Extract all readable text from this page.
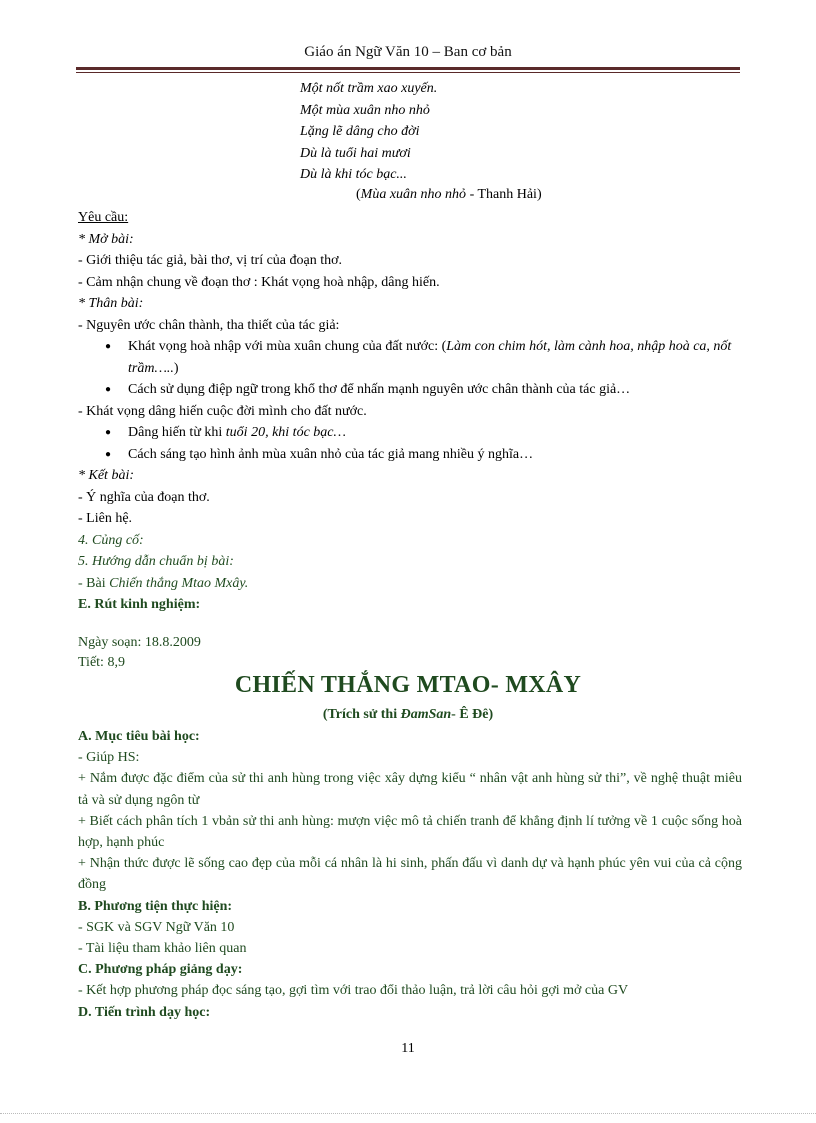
Giáo án Ngữ Văn 10 – Ban cơ bản
Một nốt trầm xao xuyến.
Một mùa xuân nho nhỏ
Lặng lẽ dâng cho đời
Dù là tuổi hai mươi
Dù là khi tóc bạc...
(Mùa xuân nho nhỏ - Thanh Hải)
Yêu cầu:
* Mở bài:
- Giới thiệu tác giả, bài thơ, vị trí của đoạn thơ.
- Cảm nhận chung về đoạn thơ : Khát vọng hoà nhập, dâng hiến.
* Thân bài:
- Nguyên ước chân thành, tha thiết của tác giả:
● Khát vọng hoà nhập với mùa xuân chung của đất nước: (Làm con chim hót, làm cành hoa, nhập hoà ca, nốt trầm…..)
● Cách sử dụng điệp ngữ trong khổ thơ để nhấn mạnh nguyên ước chân thành của tác giả…
- Khát vọng dâng hiến cuộc đời mình cho đất nước.
● Dâng hiến từ khi tuổi 20, khi tóc bạc…
● Cách sáng tạo hình ảnh mùa xuân nhỏ của tác giả mang nhiều ý nghĩa…
* Kết bài:
- Ý nghĩa của đoạn thơ.
- Liên hệ.
4. Củng cố:
5. Hướng dẫn chuẩn bị bài:
- Bài Chiến thắng Mtao Mxây.
E. Rút kinh nghiệm:
Ngày soạn: 18.8.2009
Tiết: 8,9
CHIẾN THẮNG MTAO- MXÂY
(Trích sử thi ĐamSan- Ê Đê)
A. Mục tiêu bài học:
- Giúp HS:
+ Nắm được đặc điểm của sử thi anh hùng trong việc xây dựng kiểu “ nhân vật anh hùng sử thi”, về nghệ thuật miêu tả và sử dụng ngôn từ
+ Biết cách phân tích 1 vbản sử thi anh hùng: mượn việc mô tả chiến tranh để khẳng định lí tưởng về 1 cuộc sống hoà hợp, hạnh phúc
+ Nhận thức được lẽ sống cao đẹp của mỗi cá nhân là hi sinh, phấn đấu vì danh dự và hạnh phúc yên vui của cả cộng đồng
B. Phương tiện thực hiện:
- SGK và SGV Ngữ Văn 10
- Tài liệu tham khảo liên quan
C. Phương pháp giảng dạy:
- Kết hợp phương pháp đọc sáng tạo, gợi tìm với trao đổi thảo luận, trả lời câu hỏi gợi mở của GV
D. Tiến trình dạy học:
11
